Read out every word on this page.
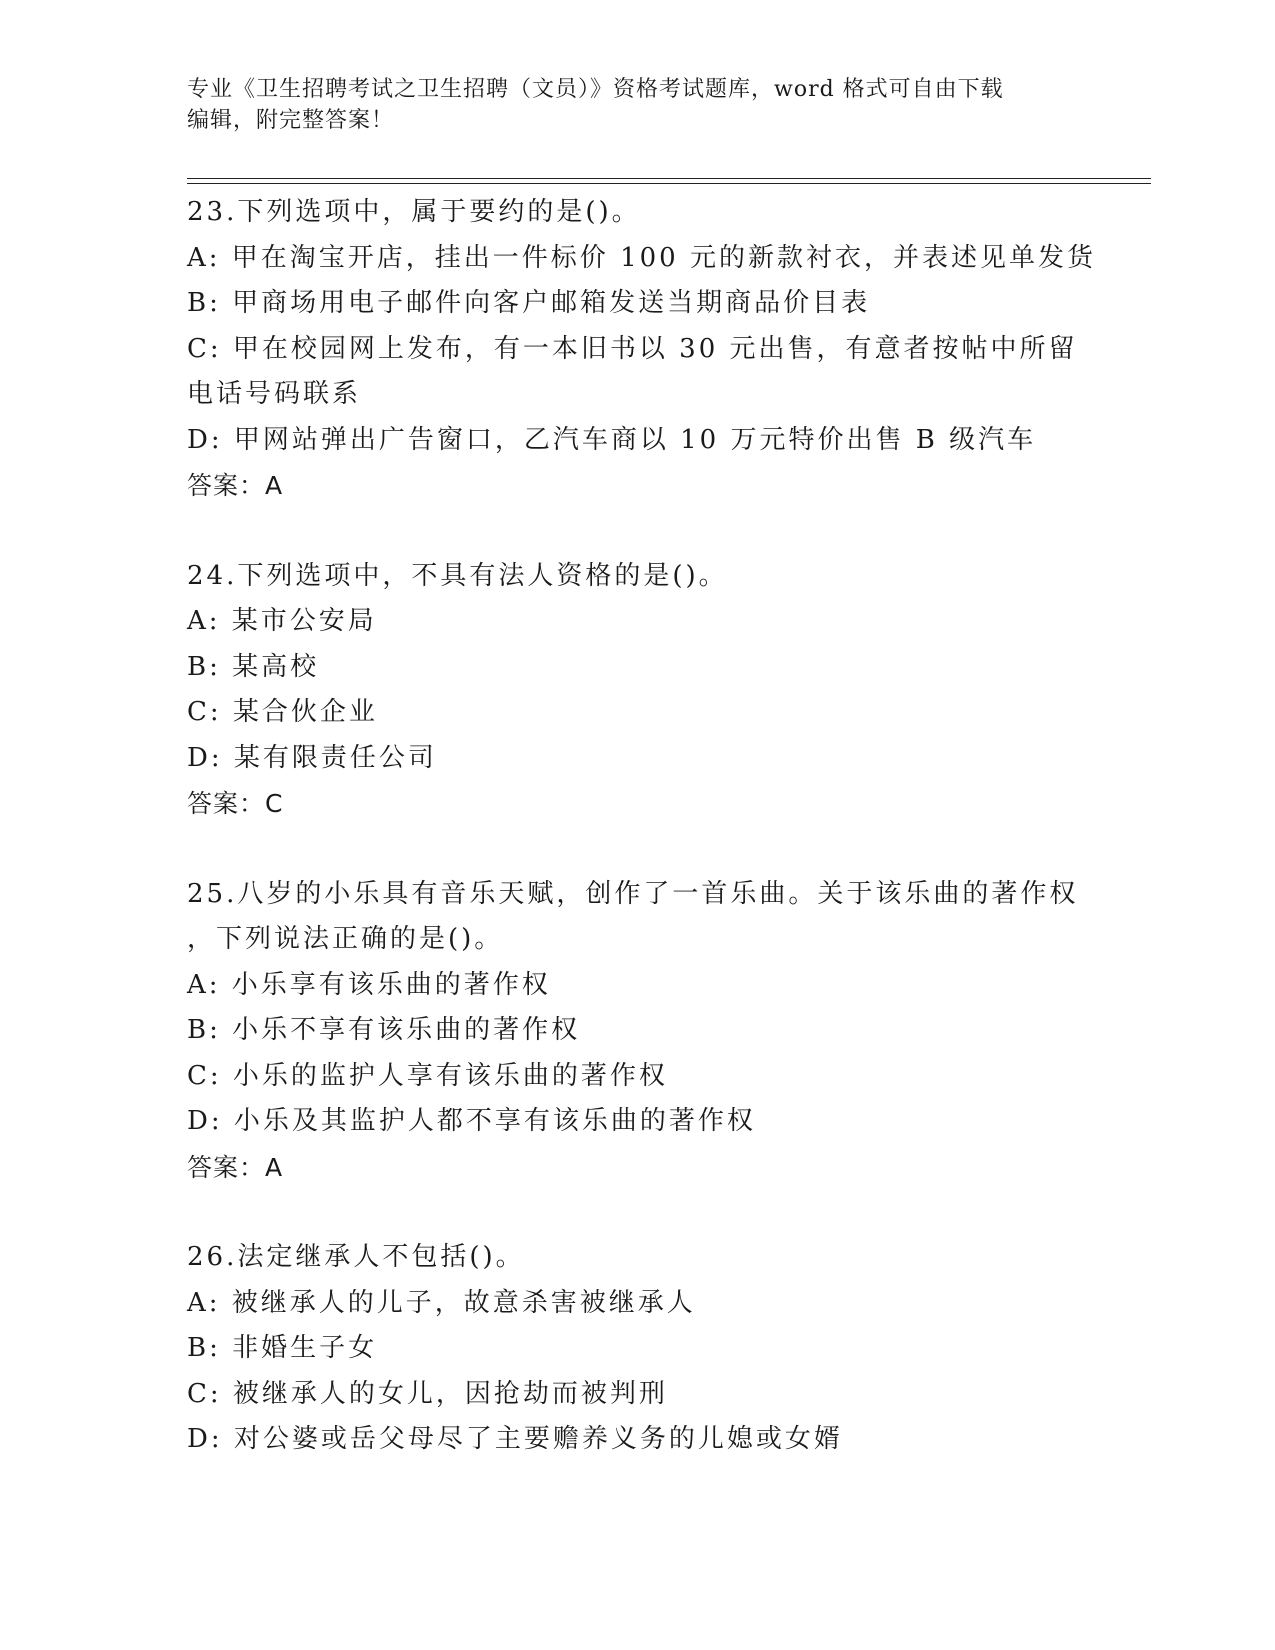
专业《卫生招聘考试之卫生招聘（文员）》资格考试题库，word 格式可自由下载
编辑，附完整答案！
23.下列选项中，属于要约的是()。
A: 甲在淘宝开店，挂出一件标价 100 元的新款衬衣，并表述见单发货
B: 甲商场用电子邮件向客户邮箱发送当期商品价目表
C: 甲在校园网上发布，有一本旧书以 30 元出售，有意者按帖中所留
电话号码联系
D: 甲网站弹出广告窗口，乙汽车商以 10 万元特价出售 B 级汽车
答案：A
24.下列选项中，不具有法人资格的是()。
A: 某市公安局
B: 某高校
C: 某合伙企业
D: 某有限责任公司
答案：C
25.八岁的小乐具有音乐天赋，创作了一首乐曲。关于该乐曲的著作权
，下列说法正确的是()。
A: 小乐享有该乐曲的著作权
B: 小乐不享有该乐曲的著作权
C: 小乐的监护人享有该乐曲的著作权
D: 小乐及其监护人都不享有该乐曲的著作权
答案：A
26.法定继承人不包括()。
A: 被继承人的儿子，故意杀害被继承人
B: 非婚生子女
C: 被继承人的女儿，因抢劫而被判刑
D: 对公婆或岳父母尽了主要赡养义务的儿媳或女婿
